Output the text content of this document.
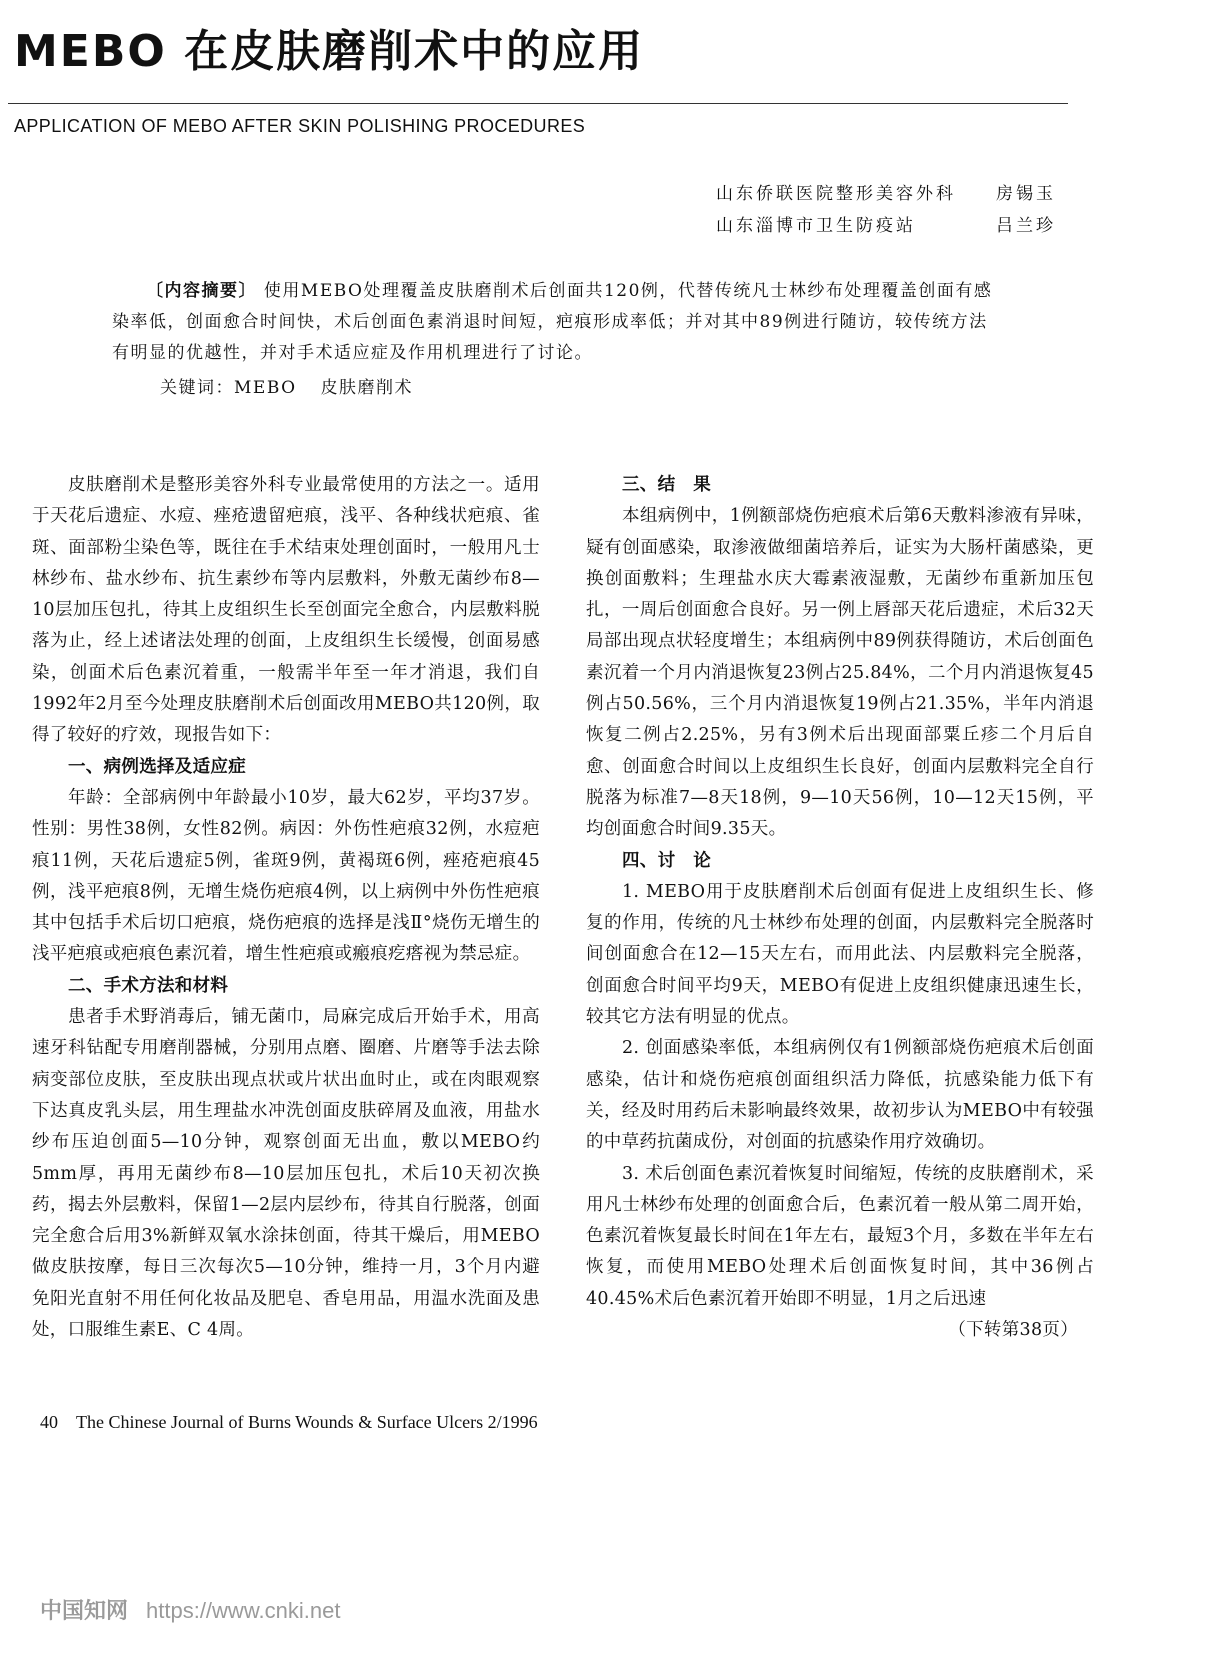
MEBO 在皮肤磨削术中的应用
APPLICATION OF MEBO AFTER SKIN POLISHING PROCEDURES
山东侨联医院整形美容外科 房锡玉
山东淄博市卫生防疫站	吕兰珍

〔内容摘要〕 使用MEBO处理覆盖皮肤磨削术后创面共120例，代替传统凡士林纱布处理覆盖创面有感染率低，创面愈合时间快，术后创面色素消退时间短，疤痕形成率低；并对其中89例进行随访，较传统方法有明显的优越性，并对手术适应症及作用机理进行了讨论。

关键词：MEBO 皮肤磨削术

皮肤磨削术是整形美容外科专业最常使用的方法之一。适用于天花后遗症、水痘、痤疮遗留疤痕，浅平、各种线状疤痕、雀斑、面部粉尘染色等，既往在手术结束处理创面时，一般用凡士林纱布、盐水纱布、抗生素纱布等内层敷料，外敷无菌纱布8—10层加压包扎，待其上皮组织生长至创面完全愈合，内层敷料脱落为止，经上述诸法处理的创面，上皮组织生长缓慢，创面易感染，创面术后色素沉着重，一般需半年至一年才消退，我们自1992年2月至今处理皮肤磨削术后创面改用MEBO共120例，取得了较好的疗效，现报告如下：

一、病例选择及适应症

年龄：全部病例中年龄最小10岁，最大62岁，平均37岁。性别：男性38例，女性82例。病因：外伤性疤痕32例，水痘疤痕11例，天花后遗症5例，雀斑9例，黄褐斑6例，痤疮疤痕45例，浅平疤痕8例，无增生烧伤疤痕4例，以上病例中外伤性疤痕其中包括手术后切口疤痕，烧伤疤痕的选择是浅Ⅱ°烧伤无增生的浅平疤痕或疤痕色素沉着，增生性疤痕或瘢痕疙瘩视为禁忌症。

二、手术方法和材料

患者手术野消毒后，铺无菌巾，局麻完成后开始手术，用高速牙科钻配专用磨削器械，分别用点磨、圈磨、片磨等手法去除病变部位皮肤，至皮肤出现点状或片状出血时止，或在肉眼观察下达真皮乳头层，用生理盐水冲洗创面皮肤碎屑及血液，用盐水纱布压迫创面5—10分钟，观察创面无出血，敷以MEBO约5mm厚，再用无菌纱布8—10层加压包扎，术后10天初次换药，揭去外层敷料，保留1—2层内层纱布，待其自行脱落，创面完全愈合后用3%新鲜双氧水涂抹创面，待其干燥后，用MEBO做皮肤按摩，每日三次每次5—10分钟，维持一月，3个月内避免阳光直射不用任何化妆品及肥皂、香皂用品，用温水洗面及患处，口服维生素E、C 4周。

三、结　果

本组病例中，1例额部烧伤疤痕术后第6天敷料渗液有异味，疑有创面感染，取渗液做细菌培养后，证实为大肠杆菌感染，更换创面敷料；生理盐水庆大霉素液湿敷，无菌纱布重新加压包扎，一周后创面愈合良好。另一例上唇部天花后遗症，术后32天局部出现点状轻度增生；本组病例中89例获得随访，术后创面色素沉着一个月内消退恢复23例占25.84%，二个月内消退恢复45例占50.56%，三个月内消退恢复19例占21.35%，半年内消退恢复二例占2.25%，另有3例术后出现面部粟丘疹二个月后自愈、创面愈合时间以上皮组织生长良好，创面内层敷料完全自行脱落为标准7—8天18例，9—10天56例，10—12天15例，平均创面愈合时间9.35天。

四、讨　论

1. MEBO用于皮肤磨削术后创面有促进上皮组织生长、修复的作用，传统的凡士林纱布处理的创面，内层敷料完全脱落时间创面愈合在12—15天左右，而用此法、内层敷料完全脱落，创面愈合时间平均9天，MEBO有促进上皮组织健康迅速生长，较其它方法有明显的优点。

2. 创面感染率低，本组病例仅有1例额部烧伤疤痕术后创面感染，估计和烧伤疤痕创面组织活力降低，抗感染能力低下有关，经及时用药后未影响最终效果，故初步认为MEBO中有较强的中草药抗菌成份，对创面的抗感染作用疗效确切。

3. 术后创面色素沉着恢复时间缩短，传统的皮肤磨削术，采用凡士林纱布处理的创面愈合后，色素沉着一般从第二周开始，色素沉着恢复最长时间在1年左右，最短3个月，多数在半年左右恢复，而使用MEBO处理术后创面恢复时间，其中36例占40.45%术后色素沉着开始即不明显，1月之后迅速

（下转第38页）
40 The Chinese Journal of Burns Wounds & Surface Ulcers 2/1996
中国知网 https://www.cnki.net
